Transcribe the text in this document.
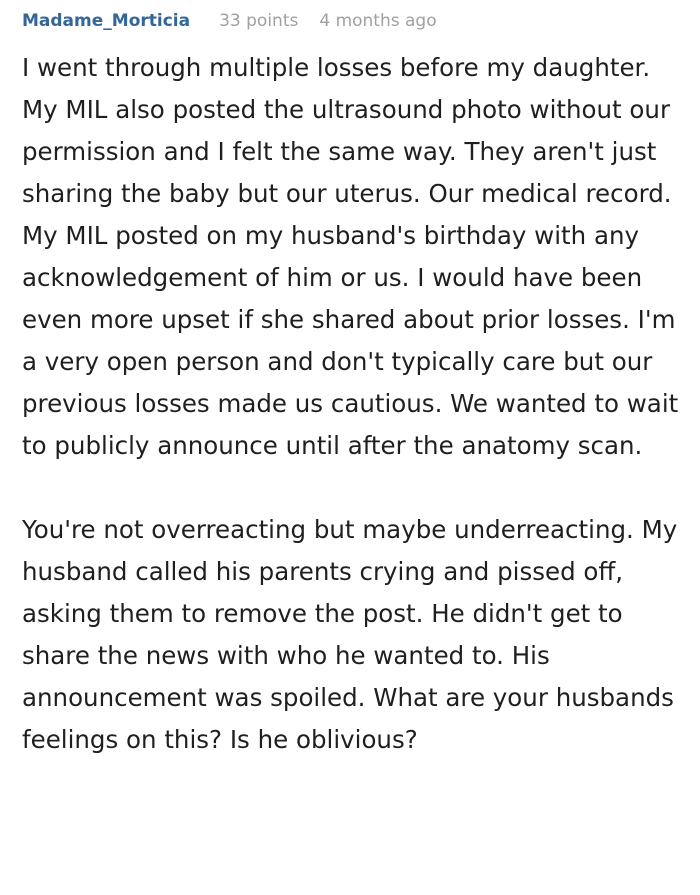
Madame_Morticia 33 points 4 months ago

I went through multiple losses before my daughter. My MIL also posted the ultrasound photo without our permission and I felt the same way. They aren't just sharing the baby but our uterus. Our medical record. My MIL posted on my husband's birthday with any acknowledgement of him or us. I would have been even more upset if she shared about prior losses. I'm a very open person and don't typically care but our previous losses made us cautious. We wanted to wait to publicly announce until after the anatomy scan.

You're not overreacting but maybe underreacting. My husband called his parents crying and pissed off, asking them to remove the post. He didn't get to share the news with who he wanted to. His announcement was spoiled. What are your husbands feelings on this? Is he oblivious?
